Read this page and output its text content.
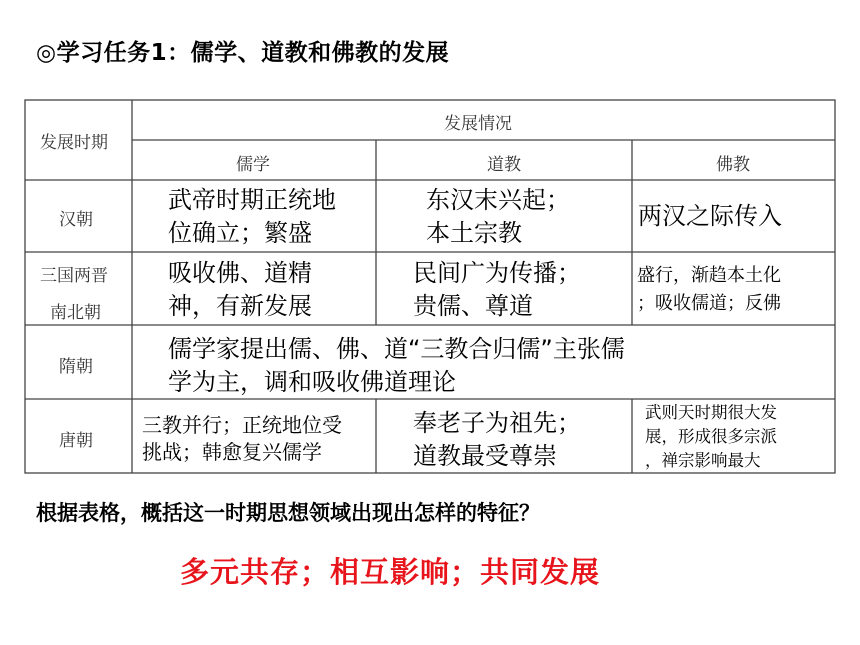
◎学习任务1：儒学、道教和佛教的发展
发展时期
发展情况
儒学	道教	佛教
汉朝
武帝时期正统地
位确立；繁盛
东汉末兴起；
本土宗教
两汉之际传入
三国两晋
南北朝
吸收佛、道精
神，有新发展
民间广为传播；
贵儒、尊道
盛行，渐趋本土化
；吸收儒道；反佛
隋朝
儒学家提出儒、佛、道“三教合归儒”主张儒
学为主，调和吸收佛道理论
唐朝
三教并行；正统地位受
挑战；韩愈复兴儒学
奉老子为祖先；
道教最受尊崇
武则天时期很大发
展，形成很多宗派
，禅宗影响最大
根据表格，概括这一时期思想领域出现出怎样的特征？
多元共存；相互影响；共同发展
